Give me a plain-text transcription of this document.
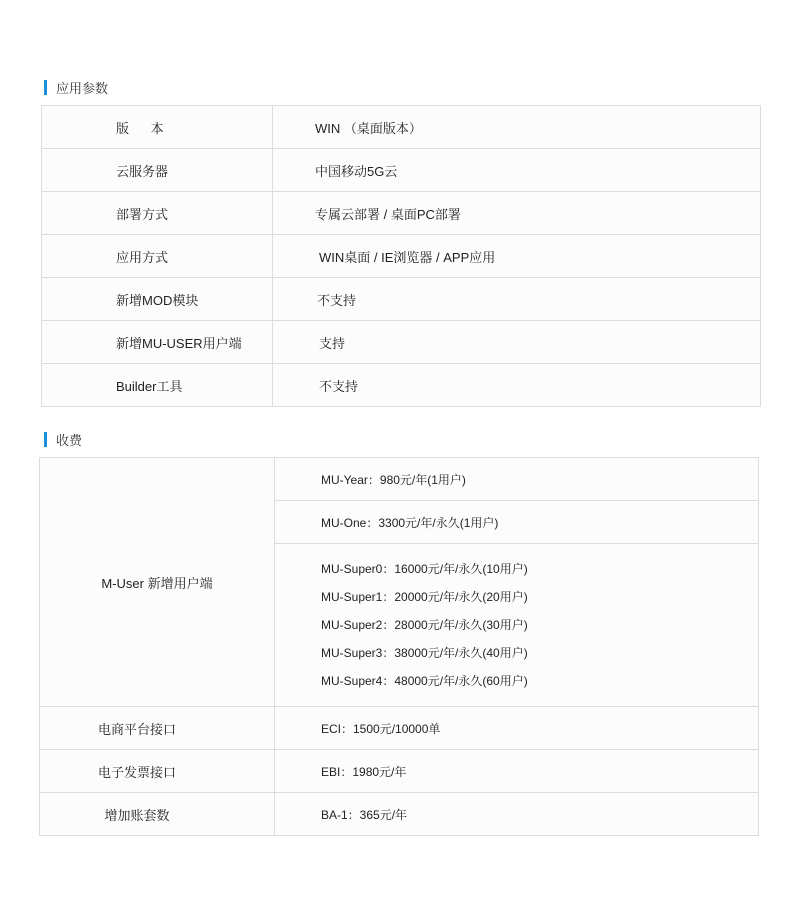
应用参数
版      本	WIN （桌面版本）
云服务器	中国移动5G云
部署方式	专属云部署 / 桌面PC部署
应用方式	WIN桌面 / IE浏览器 / APP应用
新增MOD模块	不支持
新增MU-USER用户端	支持
Builder工具	不支持
收费
M-User 新增用户端	MU-Year：980元/年(1用户)
	MU-One：3300元/年/永久(1用户)

	MU-Super0：16000元/年/永久(10用户)
MU-Super1：20000元/年/永久(20用户)
MU-Super2：28000元/年/永久(30用户)
MU-Super3：38000元/年/永久(40用户)
MU-Super4：48000元/年/永久(60用户)

电商平台接口	ECI：1500元/10000单
电子发票接口	EBI：1980元/年
增加账套数	BA-1：365元/年
